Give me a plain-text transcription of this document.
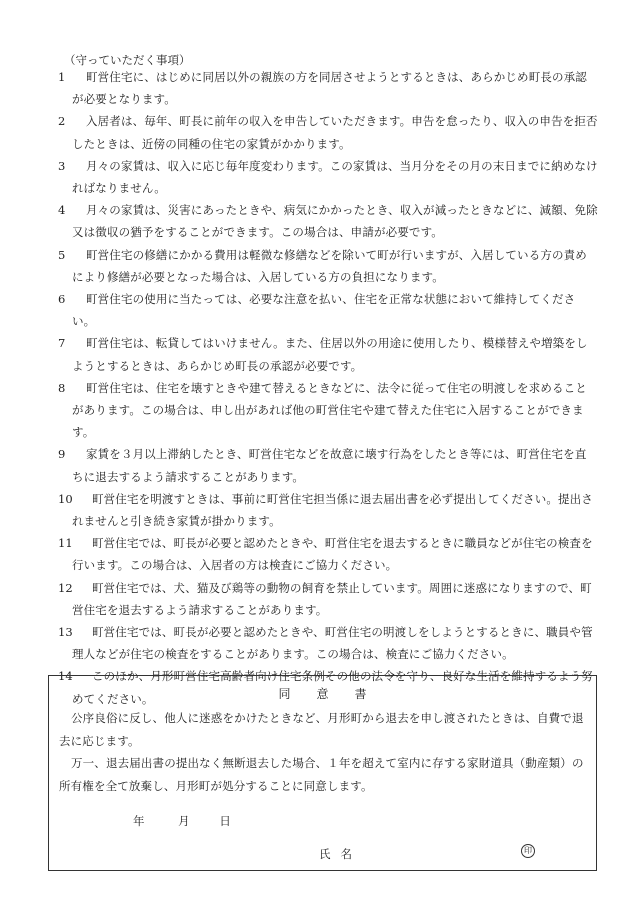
（守っていただく事項）
1	町営住宅に、はじめに同居以外の親族の方を同居させようとするときは、あらかじめ町長の承認が必要となります。
2	入居者は、毎年、町長に前年の収入を申告していただきます。申告を怠ったり、収入の申告を拒否したときは、近傍の同種の住宅の家賃がかかります。
3	月々の家賃は、収入に応じ毎年度変わります。この家賃は、当月分をその月の末日までに納めなければなりません。
4	月々の家賃は、災害にあったときや、病気にかかったとき、収入が減ったときなどに、減額、免除又は徴収の猶予をすることができます。この場合は、申請が必要です。
5	町営住宅の修繕にかかる費用は軽微な修繕などを除いて町が行いますが、入居している方の責めにより修繕が必要となった場合は、入居している方の負担になります。
6	町営住宅の使用に当たっては、必要な注意を払い、住宅を正常な状態において維持してください。
7	町営住宅は、転貸してはいけません。また、住居以外の用途に使用したり、模様替えや増築をしようとするときは、あらかじめ町長の承認が必要です。
8	町営住宅は、住宅を壊すときや建て替えるときなどに、法令に従って住宅の明渡しを求めることがあります。この場合は、申し出があれば他の町営住宅や建て替えた住宅に入居することができます。
9	家賃を３月以上滞納したとき、町営住宅などを故意に壊す行為をしたとき等には、町営住宅を直ちに退去するよう請求することがあります。
10	町営住宅を明渡すときは、事前に町営住宅担当係に退去届出書を必ず提出してください。提出されませんと引き続き家賃が掛かります。
11	町営住宅では、町長が必要と認めたときや、町営住宅を退去するときに職員などが住宅の検査を行います。この場合は、入居者の方は検査にご協力ください。
12	町営住宅では、犬、猫及び鶏等の動物の飼育を禁止しています。周囲に迷惑になりますので、町営住宅を退去するよう請求することがあります。
13	町営住宅では、町長が必要と認めたときや、町営住宅の明渡しをしようとするときに、職員や管理人などが住宅の検査をすることがあります。この場合は、検査にご協力ください。
14	このほか、月形町営住宅高齢者向け住宅条例その他の法令を守り、良好な生活を維持するよう努めてください。	同意書
公序良俗に反し、他人に迷惑をかけたときなど、月形町から退去を申し渡されたときは、自費で退去に応じます。
万一、退去届出書の提出なく無断退去した場合、１年を超えて室内に存する家財道具（動産類）の所有権を全て放棄し、月形町が処分することに同意します。
年	月	日
氏名	印
